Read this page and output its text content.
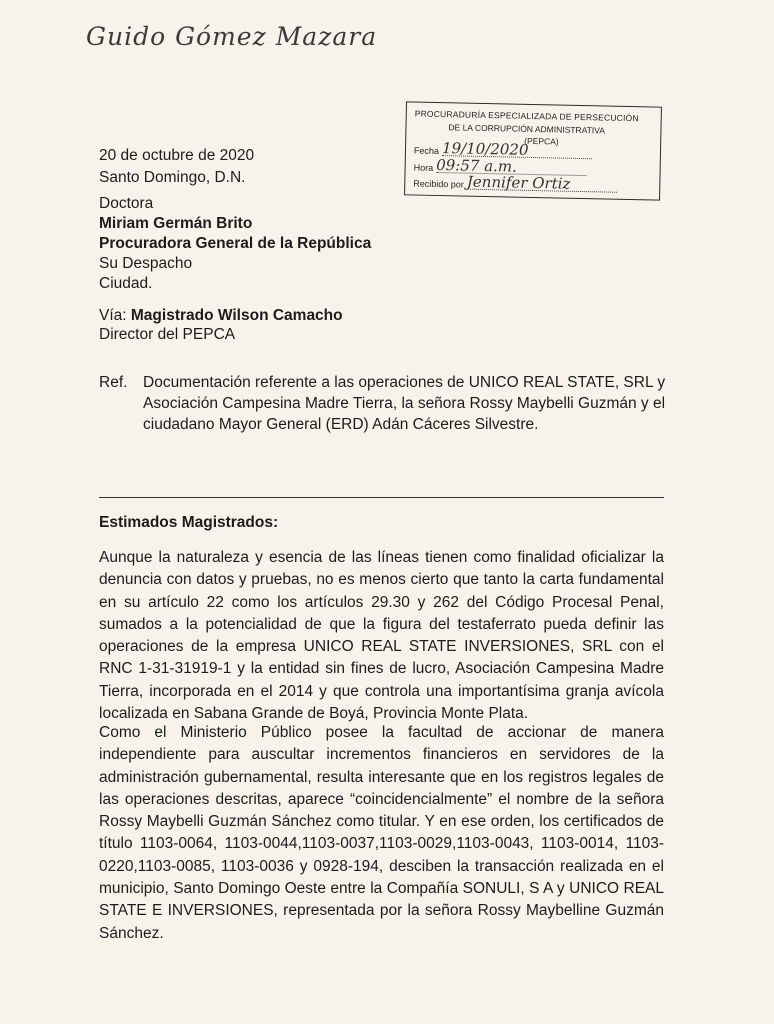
Guido Gómez Mazara
PROCURADURÍA ESPECIALIZADA DE PERSECUCIÓN
DE LA CORRUPCIÓN ADMINISTRATIVA
(PEPCA)
Fecha 19/10/2020
Hora 09:57 a.m.
Recibido por Jennifer Ortiz
20 de octubre de 2020
Santo Domingo, D.N.
Doctora
Miriam Germán Brito
Procuradora General de la República
Su Despacho
Ciudad.
Vía: Magistrado Wilson Camacho
Director del PEPCA
Ref.	Documentación referente a las operaciones de UNICO REAL STATE, SRL y Asociación Campesina Madre Tierra, la señora Rossy Maybelli Guzmán y el ciudadano Mayor General (ERD) Adán Cáceres Silvestre.
Estimados Magistrados:
Aunque la naturaleza y esencia de las líneas tienen como finalidad oficializar la denuncia con datos y pruebas, no es menos cierto que tanto la carta fundamental en su artículo 22 como los artículos 29.30 y 262 del Código Procesal Penal, sumados a la potencialidad de que la figura del testaferrato pueda definir las operaciones de la empresa UNICO REAL STATE INVERSIONES, SRL con el RNC 1-31-31919-1 y la entidad sin fines de lucro, Asociación Campesina Madre Tierra, incorporada en el 2014 y que controla una importantísima granja avícola localizada en Sabana Grande de Boyá, Provincia Monte Plata.
Como el Ministerio Público posee la facultad de accionar de manera independiente para auscultar incrementos financieros en servidores de la administración gubernamental, resulta interesante que en los registros legales de las operaciones descritas, aparece “coincidencialmente” el nombre de la señora Rossy Maybelli Guzmán Sánchez como titular. Y en ese orden, los certificados de título 1103-0064, 1103-0044,1103-0037,1103-0029,1103-0043, 1103-0014, 1103-0220,1103-0085, 1103-0036 y 0928-194, desciben la transacción realizada en el municipio, Santo Domingo Oeste entre la Compañía SONULI, S A y UNICO REAL STATE E INVERSIONES, representada por la señora Rossy Maybelline Guzmán Sánchez.
